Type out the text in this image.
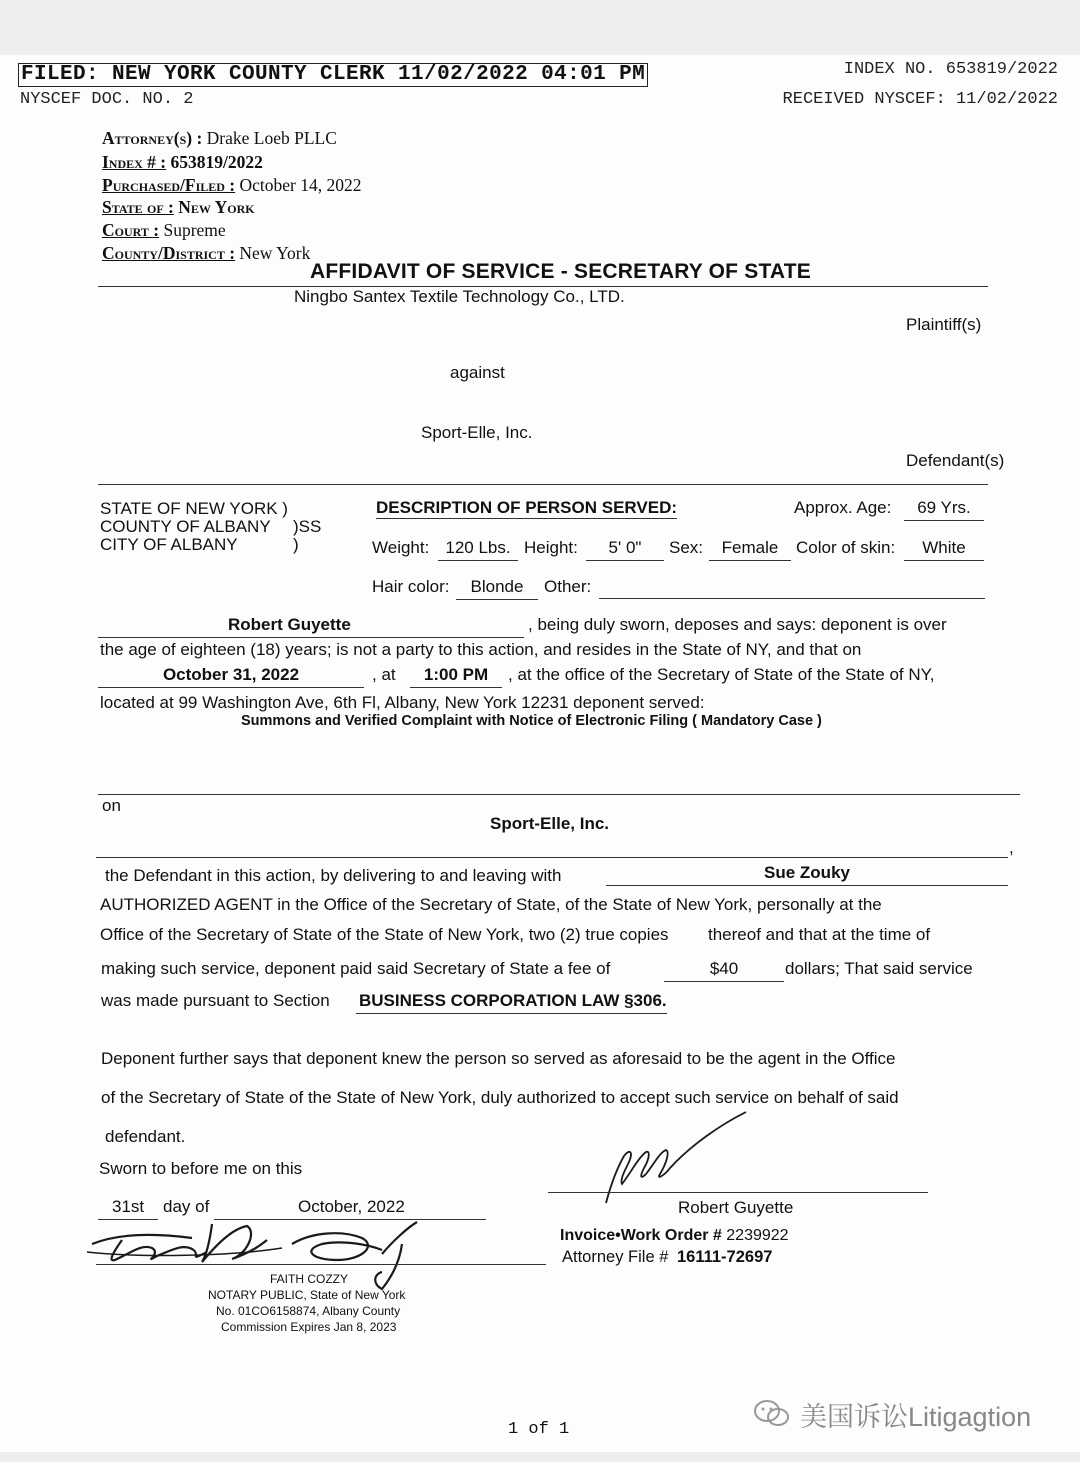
FILED: NEW YORK COUNTY CLERK 11/02/2022 04:01 PM	INDEX NO. 653819/2022
NYSCEF DOC. NO. 2	RECEIVED NYSCEF: 11/02/2022
Attorney(s) : Drake Loeb PLLC
Index # : 653819/2022
Purchased/Filed : October 14, 2022
State of : New York
Court : Supreme
County/District : New York
AFFIDAVIT OF SERVICE - SECRETARY OF STATE
Ningbo Santex Textile Technology Co., LTD.
Plaintiff(s)
against
Sport-Elle, Inc.
Defendant(s)
STATE OF NEW YORK )
COUNTY OF ALBANY )SS
CITY OF ALBANY	)
DESCRIPTION OF PERSON SERVED:	Approx. Age:	69 Yrs.
Weight: 120 Lbs. Height:	5' 0"	Sex:	Female	Color of skin:	White
Hair color:	Blonde	Other:
Robert Guyette	, being duly sworn, deposes and says: deponent is over
the age of eighteen (18) years; is not a party to this action, and resides in the State of NY, and that on
October 31, 2022	, at	1:00 PM	, at the office of the Secretary of State of the State of NY,
located at 99 Washington Ave, 6th Fl, Albany, New York 12231 deponent served:
Summons and Verified Complaint with Notice of Electronic Filing ( Mandatory Case )
on
Sport-Elle, Inc.
,
the Defendant in this action, by delivering to and leaving with	Sue Zouky
AUTHORIZED AGENT in the Office of the Secretary of State, of the State of New York, personally at the
Office of the Secretary of State of the State of New York, two (2) true copies thereof and that at the time of
making such service, deponent paid said Secretary of State a fee of	$40	dollars; That said service
was made pursuant to Section BUSINESS CORPORATION LAW §306.
Deponent further says that deponent knew the person so served as aforesaid to be the agent in the Office
of the Secretary of State of the State of New York, duly authorized to accept such service on behalf of said
defendant.
Sworn to before me on this
31st day of	October, 2022
FAITH COZZY
NOTARY PUBLIC, State of New York
No. 01CO6158874, Albany County
Commission Expires Jan 8, 2023
Robert Guyette
Invoice•Work Order # 2239922
Attorney File # 16111-72697
1 of 1	美国诉讼Litigagtion
